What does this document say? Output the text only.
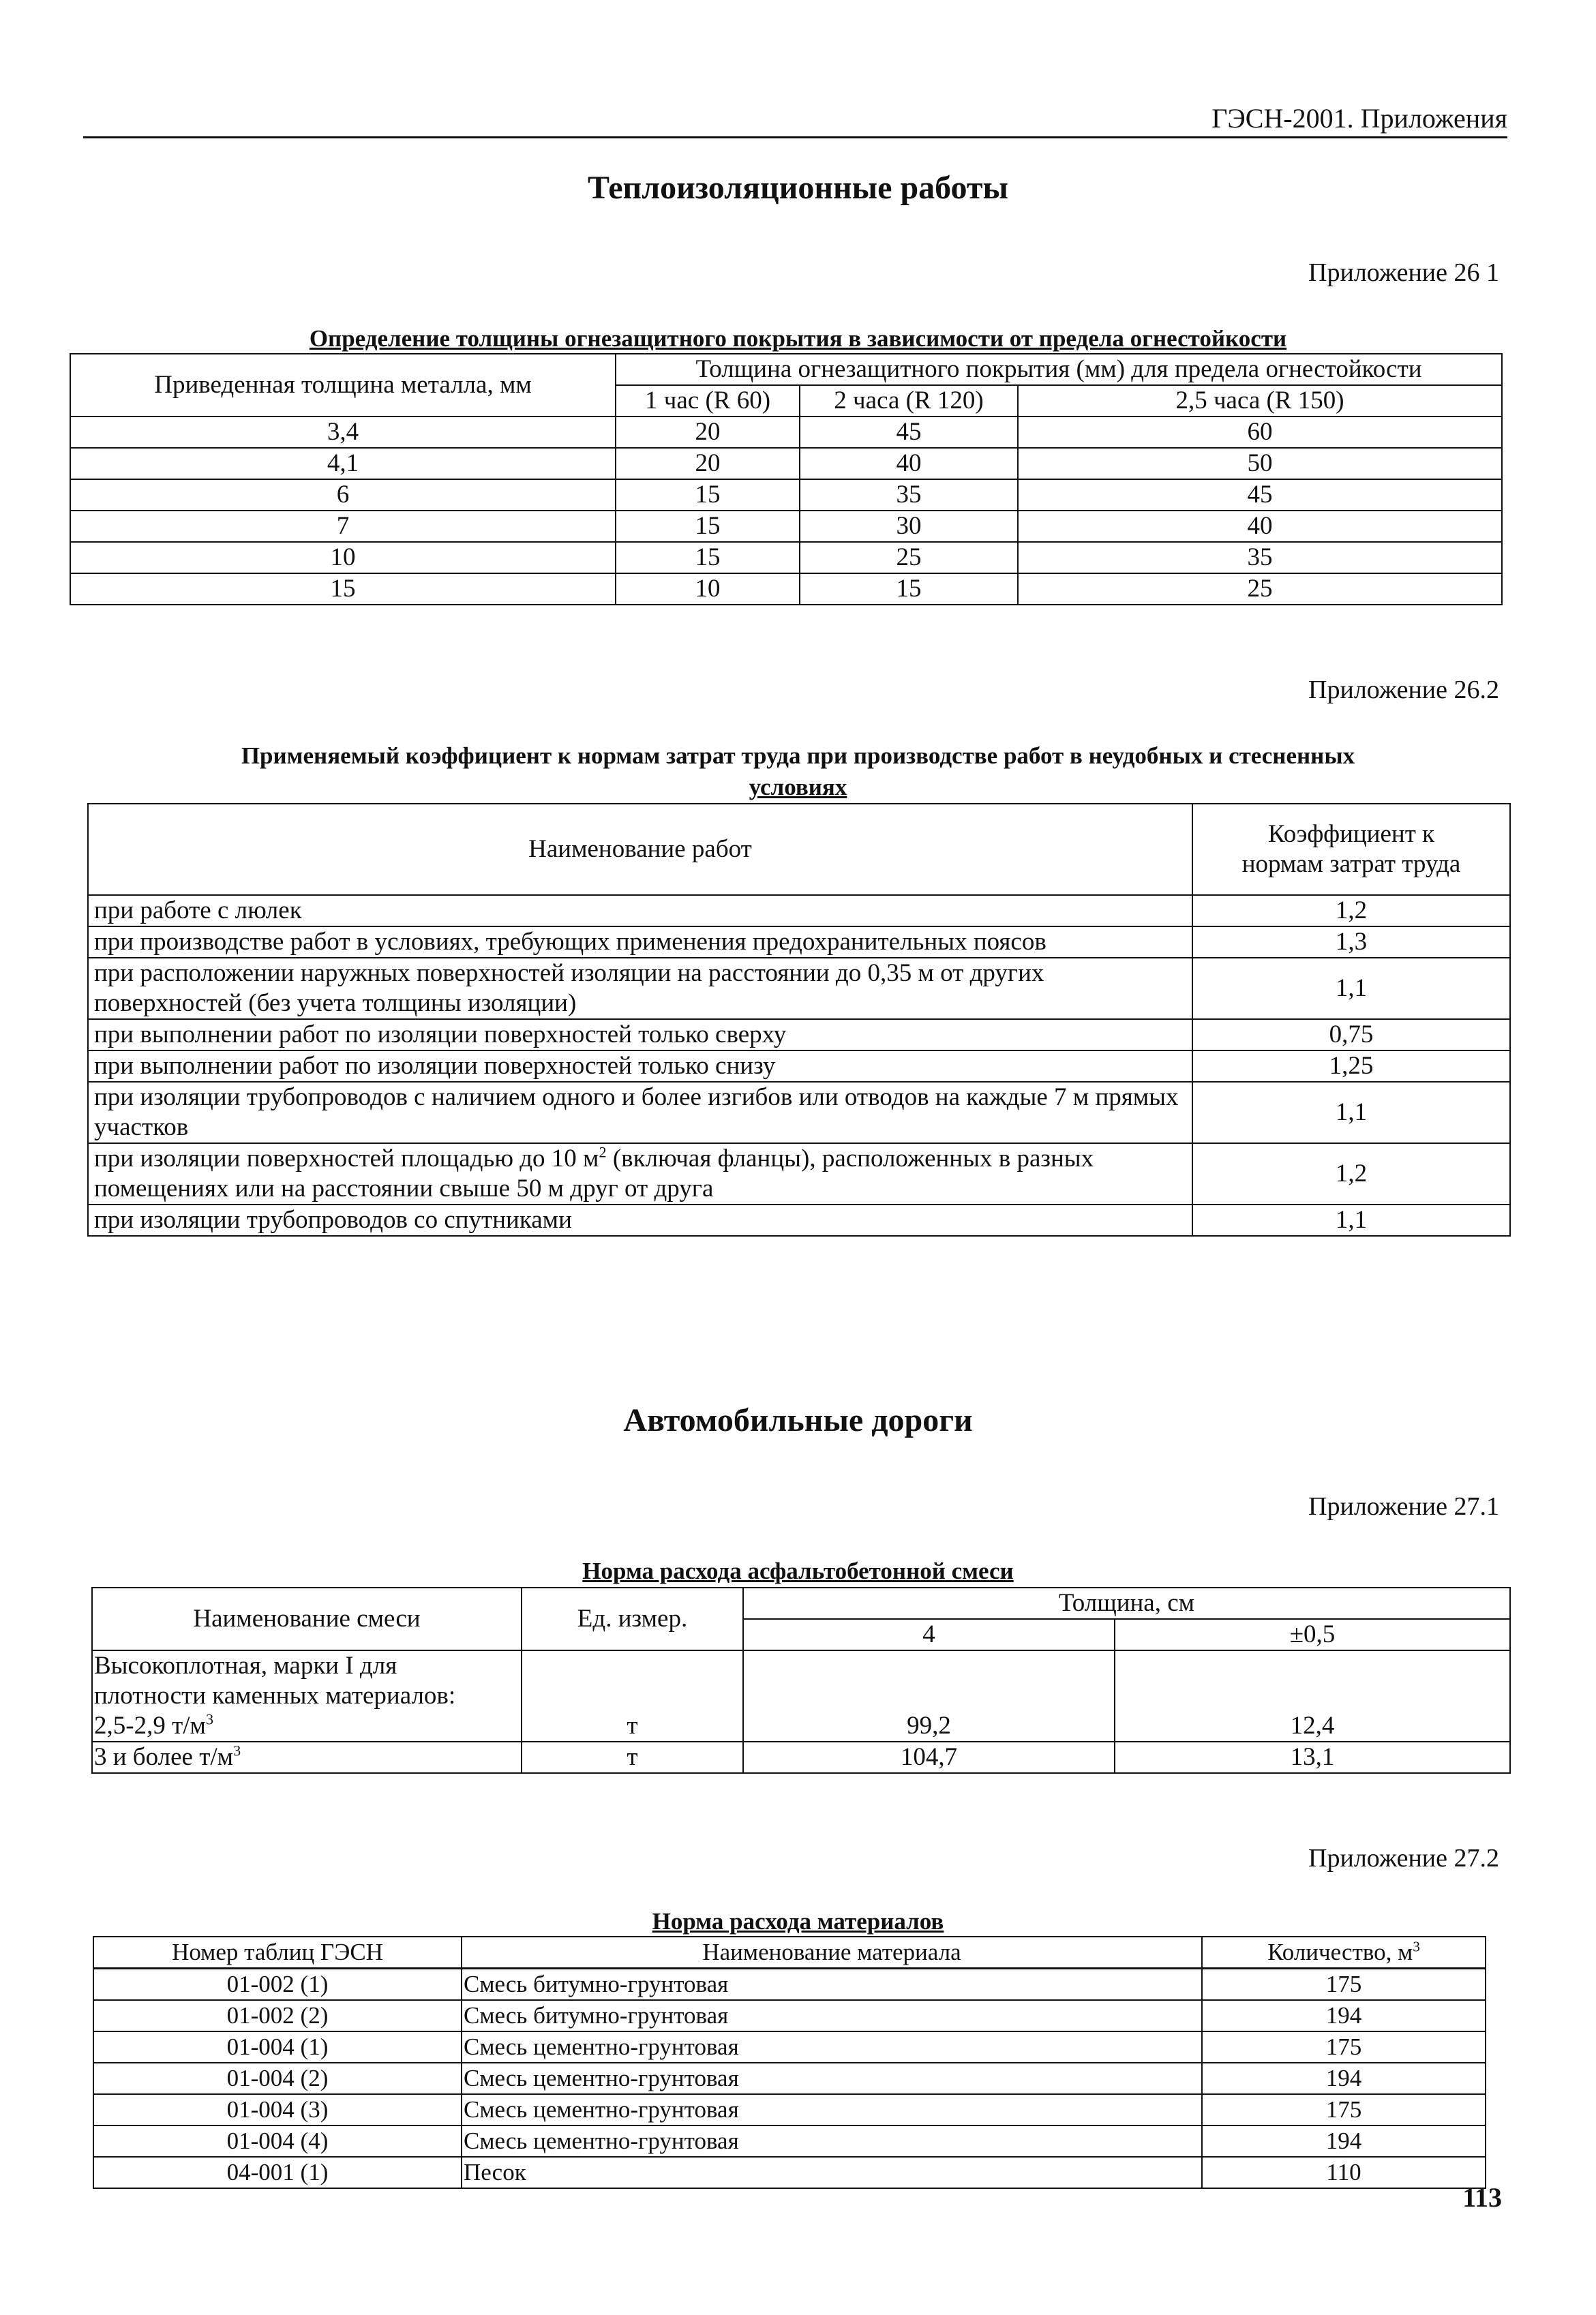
ГЭСН-2001. Приложения
Теплоизоляционные работы
Приложение 26 1
Определение толщины огнезащитного покрытия в зависимости от предела огнестойкости
Приведенная толщина металла, мм	Толщина огнезащитного покрытия (мм) для предела огнестойкости		
	1 час (R 60)	2 часа (R 120)	2,5 часа (R 150)
3,4	20	45	60
4,1	20	40	50
6	15	35	45
7	15	30	40
10	15	25	35
15	10	15	25
Приложение 26.2
Применяемый коэффициент к нормам затрат труда при производстве работ в неудобных и стесненных
условиях
Наименование работ	Коэффициент к
нормам затрат труда

при работе с люлек	1,2
при производстве работ в условиях, требующих применения предохранительных поясов	1,3
при расположении наружных поверхностей изоляции на расстоянии до 0,35 м от других поверхностей (без учета толщины изоляции)	1,1
при выполнении работ по изоляции поверхностей только сверху	0,75
при выполнении работ по изоляции поверхностей только снизу	1,25
при изоляции трубопроводов с наличием одного и более изгибов или отводов на каждые 7 м прямых участков	1,1
при изоляции поверхностей площадью до 10 $м^2$ (включая фланцы), расположенных в разных помещениях или на расстоянии свыше 50 м друг от друга	1,2
при изоляции трубопроводов со спутниками	1,1
Автомобильные дороги
Приложение 27.1
Норма расхода асфальтобетонной смеси
Наименование смеси	Ед. измер.	Толщина, см	
		4	±0,5

Высокоплотная, марки I для
плотности каменных материалов:
2,5-2,9 $т/м^3$	т	99,2	12,4
3 и более $т/м^3$	т	104,7	13,1
Приложение 27.2
Норма расхода материалов
Номер таблиц ГЭСН	Наименование материала	Количество, $м^3$
01-002 (1)	Смесь битумно-грунтовая	175
01-002 (2)	Смесь битумно-грунтовая	194
01-004 (1)	Смесь цементно-грунтовая	175
01-004 (2)	Смесь цементно-грунтовая	194
01-004 (3)	Смесь цементно-грунтовая	175
01-004 (4)	Смесь цементно-грунтовая	194
04-001 (1)	Песок	110
113
